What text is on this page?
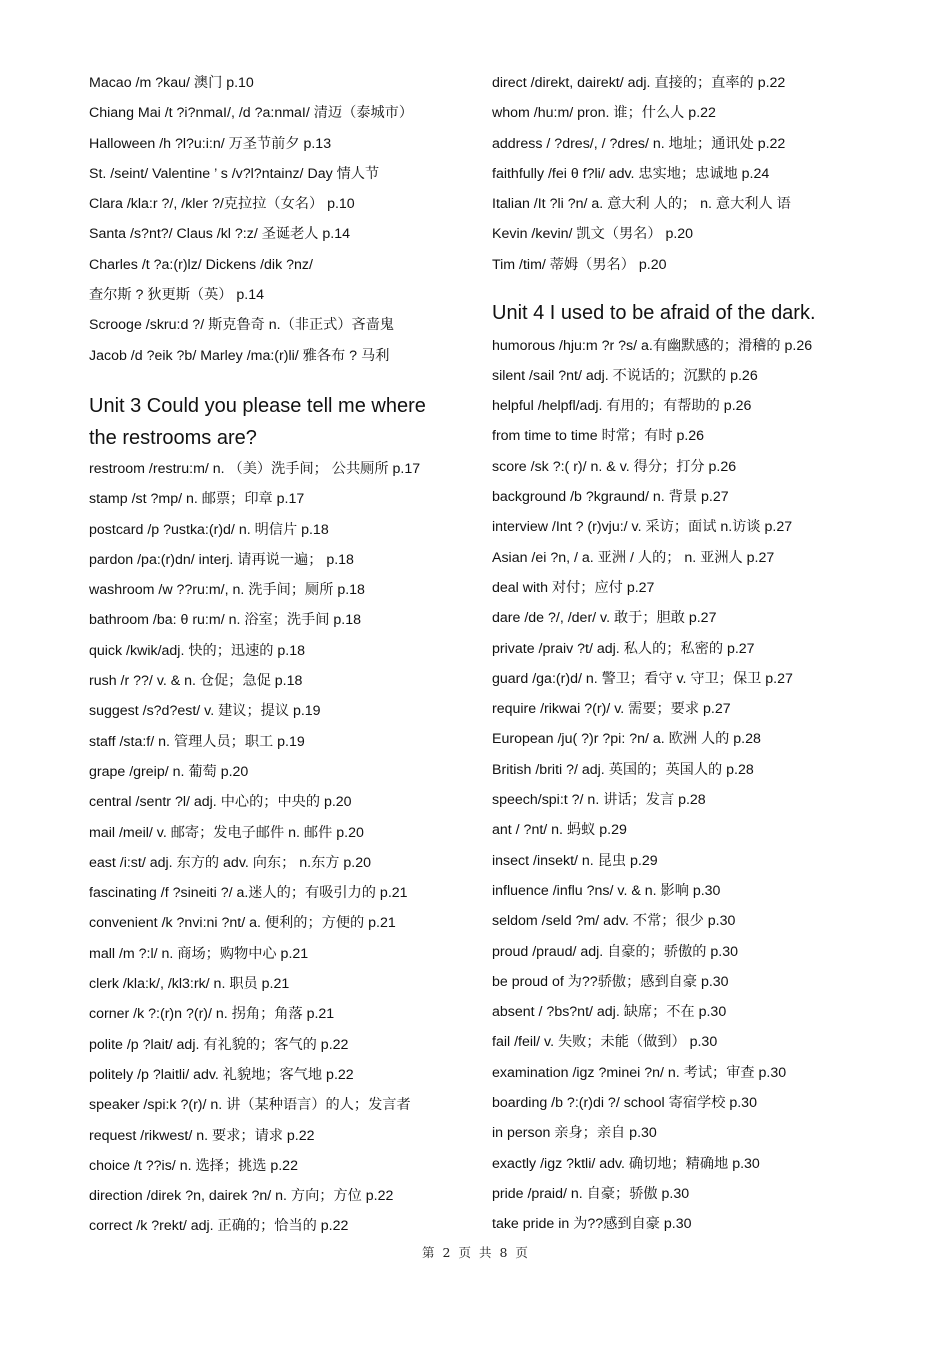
Macao /m ?kau/ 澳门 p.10
Chiang Mai /t ?i?nmaI/, /d ?a:nmaI/ 清迈（泰城市）
Halloween /h ?l?u:i:n/ 万圣节前夕 p.13
St. /seint/ Valentine ’ s /v?l?ntainz/ Day 情人节
Clara /kla:r ?/, /kler ?/克拉拉（女名） p.10
Santa /s?nt?/ Claus /kl ?:z/ 圣诞老人 p.14
Charles /t ?a:(r)lz/ Dickens /dik ?nz/
查尔斯 ? 狄更斯（英） p.14
Scrooge /skru:d ?/ 斯克鲁奇 n.（非正式）吝啬鬼
Jacob /d ?eik ?b/ Marley /ma:(r)li/ 雅各布 ? 马利
Unit 3 Could you please tell me where
the restrooms are?
restroom /restru:m/ n. （美）洗手间； 公共厕所 p.17
stamp /st ?mp/ n. 邮票；印章 p.17
postcard /p ?ustka:(r)d/ n. 明信片 p.18
pardon /pa:(r)dn/ interj. 请再说一遍； p.18
washroom /w ??ru:m/, n. 洗手间；厕所 p.18
bathroom /ba: θ ru:m/ n. 浴室；洗手间 p.18
quick /kwik/adj. 快的；迅速的 p.18
rush /r ??/ v. & n. 仓促；急促 p.18
suggest /s?d?est/ v. 建议；提议 p.19
staff /sta:f/ n. 管理人员；职工 p.19
grape /greip/ n. 葡萄 p.20
central /sentr ?l/ adj. 中心的；中央的 p.20
mail /meil/ v. 邮寄；发电子邮件 n. 邮件 p.20
east /i:st/ adj. 东方的 adv. 向东； n.东方 p.20
fascinating /f ?sineiti ?/ a.迷人的；有吸引力的 p.21
convenient /k ?nvi:ni ?nt/ a. 便利的；方便的 p.21
mall /m ?:l/ n. 商场；购物中心 p.21
clerk /kla:k/, /kl3:rk/ n. 职员 p.21
corner /k ?:(r)n ?(r)/ n. 拐角；角落 p.21
polite /p ?lait/ adj. 有礼貌的；客气的 p.22
politely /p ?laitli/ adv. 礼貌地；客气地 p.22
speaker /spi:k ?(r)/ n. 讲（某种语言）的人；发言者
request /rikwest/ n. 要求；请求 p.22
choice /t ??is/ n. 选择；挑选 p.22
direction /direk ?n, dairek ?n/ n. 方向；方位 p.22
correct /k ?rekt/ adj. 正确的；恰当的 p.22
direct /direkt, dairekt/ adj. 直接的；直率的 p.22
whom /hu:m/ pron. 谁；什么人 p.22
address / ?dres/, / ?dres/ n. 地址；通讯处 p.22
faithfully /fei θ f?li/ adv. 忠实地；忠诚地 p.24
Italian /It ?li ?n/ a. 意大利 人的； n. 意大利人 语
Kevin /kevin/ 凯文（男名） p.20
Tim /tim/ 蒂姆（男名） p.20
Unit 4 I used to be afraid of the dark.
humorous /hju:m ?r ?s/ a.有幽默感的；滑稽的 p.26
silent /sail ?nt/ adj. 不说话的；沉默的 p.26
helpful /helpfl/adj. 有用的；有帮助的 p.26
from time to time 时常；有时 p.26
score /sk ?:( r)/ n. & v. 得分；打分 p.26
background /b ?kgraund/ n. 背景 p.27
interview /Int ? (r)vju:/ v. 采访；面试 n.访谈 p.27
Asian /ei ?n, / a. 亚洲 / 人的； n. 亚洲人 p.27
deal with 对付；应付 p.27
dare /de ?/, /der/ v. 敢于；胆敢 p.27
private /praiv ?t/ adj. 私人的；私密的 p.27
guard /ga:(r)d/ n. 警卫；看守 v. 守卫；保卫 p.27
require /rikwai ?(r)/ v. 需要；要求 p.27
European /ju( ?)r ?pi: ?n/ a. 欧洲 人的 p.28
British /briti ?/ adj. 英国的；英国人的 p.28
speech/spi:t ?/ n. 讲话；发言 p.28
ant / ?nt/ n. 蚂蚁 p.29
insect /insekt/ n. 昆虫 p.29
influence /influ ?ns/ v. & n. 影响 p.30
seldom /seld ?m/ adv. 不常；很少 p.30
proud /praud/ adj. 自豪的；骄傲的 p.30
be proud of 为??骄傲；感到自豪 p.30
absent / ?bs?nt/ adj. 缺席；不在 p.30
fail /feil/ v. 失败；未能（做到） p.30
examination /igz ?minei ?n/ n. 考试；审查 p.30
boarding /b ?:(r)di ?/ school 寄宿学校 p.30
in person 亲身；亲自 p.30
exactly /igz ?ktli/ adv. 确切地；精确地 p.30
pride /praid/ n. 自豪；骄傲 p.30
take pride in 为??感到自豪 p.30
第 2 页 共 8 页
